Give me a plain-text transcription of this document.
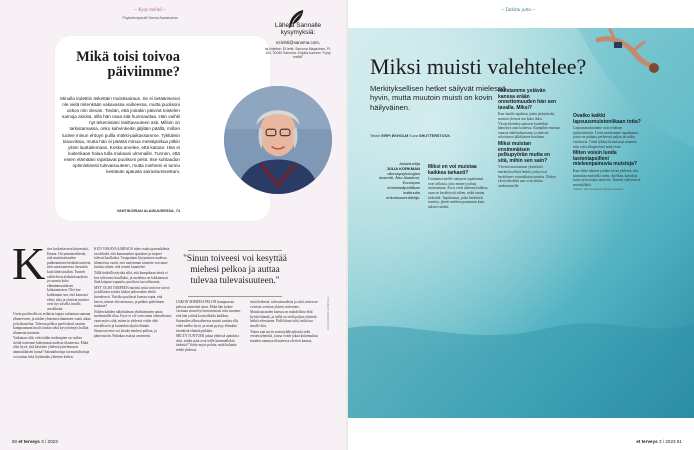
~ Kysy meiltä ~
Psykoterapeutti Sanna Aavaluoma
Mikä toisi toivoa päiviimme?
Minulla todettiin äskettäin muistisairaus. Se ei tietäänsenioi ole vielä mitenkään vakavassa vaiheessa, mutta puolisoni uskoo niin olevan. Tiedän, että joinakin päivinä toistelen samoja asioita, sillä hän osaa sitä huomauttaa. Hän vaihtii nyt tekemisiäni rasittavuuteen asti. Milloin on tarkistamassa, onko kahvinkeitin jäljitäin päällä, milloin tuolee minun ehtoyn pullla mökki-paikassamme. Tykkäisin taivuvissia, mutta hän ei päästä minua metsäpolkua pitkin yksin lauttailemaan. Koska arvelee, että katoan. Hän ei kuitenkaan halua tulla mukaani ulmmaille. Tunnen, että enten elämääni rajoittavat puolisoni pelot. Itse suhtaudun optimistisesti tulevaisuuteen, mutta miehemi ei tunnu kestävän ajatusta sairastumisestani.
VAHTIKOIRAN ALAISUUDESSA, 74
Lähetä Sannalle kysymyksiä:
et-lehti@sanoma.com,
tai kirjeitse: Et-lehti, Sanoma Magazines, PL 100, 00040 Sanoma. Kirjoita kuoreen "Kysy meiltä"
K itos koskettavasta kirjeestäsi, Emma. On ymmärrettävää, että muistisairauden puhkeaminen herättää tunteita niin sairastuneessa itsessään kuin läheisissäkin. Tunteet vaihtelevat alakuloisuudesta ja surusta koko elämänmuutoksen kohtaamiseen. Olet itse kohdannut sen, että kanssasi eletty aika ja yhteiset muistot ovat nyt toisella tavalla arvokkaita.

Usein puolisoilla on erilaisia tapoja suhtautua samaan tilanteeseen, ja niiden yhteensovittaminen vaatii aikaa ja keskustelua. Tulevaa pelkoa puolisoltasi saattaa kumpuamaan huoli sinusta sekä kyvyttömyys hallita tilannetta muutoin.

Vaikuttaa siltä, että teidän molempien on vaikea sietää toistenne kokemusta uudesta tilanteesta. Ehkä olisi hyvä, että kävisitte yhdessä juttelemassa ammattilaisen luona? Sairaanhoitaja tai muistihoitaja voi auttaa teitä löytämään yhteisen kielen.

KUN VAKAVA SAIRAUS tulee osaksi parisuhdetta, on tärkeää, että kummankin ajatukset ja tarpeet tulevat kuulluiksi. Tasapainon löytyminen uudessa tilanteessa vaatii, että molemmat tunnette voivanne luottaa siihen, että toinen kuuntelee.

Tällä hetkellä näyttää siltä, että kumpikaan teistä ei koe tulevansa kuulluksi, ja asetelma on lukkiutunut. Sinä kaipaat vapautta, puolisosi turvallisuutta.

MYT OLISI TARPEEN miettiä, mitä sinä itse toivot ja millaisia asioita haluat jatkossakin tehdä itsenäisesti. Voisiko puolisosi kanssa sopia, että kerrot, minne olet menossa, ja pidätte puhelimen mukana?

Niiden kahden näkökulman yhdistäminen antaa molemmille tilaa. Kyse ei ole vain sinun oikeudestasi, vaan myös siitä, miten te yhdessä voitte elää turvallisesti ja kuitenkin täyttä elämää.

Sinun toiveesi voi kestää miehesi pelkoa, ja päinvastoin. Puhukaa asiasta avoimesti.

"Sinun toiveesi voi kesyttää miehesi pelkoa ja auttaa tulevaa tulevaisuuteen."

USKON MIEHESI PELON kumpuavan pelosta menettää sinut. Ehkä hän kokee vastuuta sinun hyvinvoinnistasi niin suurena, että hän yrittää kontrolloida kaikkea.

Sairauden alkuvaiheessa muisti saattaa olla vielä melko hyvä, ja moni pystyy elämään itsenäistä elämää pitkään.

MILTÄ TUNTUISI jakaa yhdessä ajatuksia siitä, mitkä asiat ovat teille kummallekin tärkeitä? Voitte myös pohtia, mitä haluatte tehdä yhdessä.

tästä hetkestä, tulevaisuudesta ja siitä, miten ne voisivat sovittaa yhteen toiveenne.

Muistisairauden kanssa on mahdollista elää hyvää elämää, ja teillä on vielä paljon yhteisiä hetkiä edessänne. Pidä kiinni siitä, mikä tuo sinulle iloa.

Tukea saat myös muistiyhdistyksistä sekä vertaisryhmistä, joissa voitte jakaa kokemuksia muiden samassa tilanteessa olevien kanssa.

KUVA MIKKO HANNULA
60 et terveys 3 / 2023
~ Tutkittu juttu ~
Miksi muisti valehtelee?
Merkityksellisen hetket säilyvät mielessä hyvin, mutta muutoin muisti on kovin häilyväinen.
Teksti VIRPI EKHOLM Kuva SHUTTERSTOCK
Asiantuntija
JULIA KORKMAN
oikeuspsykologian dosentti, Åbo Akademi, Euroopan kriminaalipolitiikan instituutin erikoissuunnittelija.
Miksi en voi muistaa kaikkea tarkasti?

Useimmat meille sattuneet tapahtumat ovat sellaisia, joita emme jouduta muistamaan. Aivot eivät tallenna kaikkea, vaan ne keskittyvät siihen, mikä tuntuu tärkeältä. Tapahtumat, jotka herättävät tunteita, jäävät mieleen paremmin kuin arkiset rutiinit.

Muistamme ystävän kanssa erään onnettomuuden hän sen tavalla. Miksi?

Kun sinulle tapahtuu jotain järkyttävää, muistat yleensä sen koko ikäsi. Yksityiskohdat saattavat kuitenkin hämärtyä ajan kuluessa. Kumpikin muistaa omasta näkökulmastaan, ja muistot sekoittuvat jälkikäteen kuultuun.

Miksi muistan ensimmäisen pelkupyörän mutta en sitä, mihin sen sain?

Yleensä muistamme yksittäisiä merkityksellisiä hetkiä, jotka ovat herättäneet voimakkaita tunteita. Niiden yksityiskohdat taas ovat alttiita unohtumiselle.

Ovatko kaikki lapsuusmuistoniikaan totta?

Lapsuusmuistomme ovat eritäisen epäluotettavia. Usein muistamme tapahtumia, joista on puhuttu perheessä paljon tai nähty valokuvia. Tämä lykkäytti muistoja muuttuu niin, ettei alkuperäistä enää erota.

Miten voisin luoda lastenlapsilleni mieleenpainuvia muistoja?

Kun olette tehneet jotakin kivaa yhdessä, sitä kannattaa muistella usein. Jutelkaa, katsokaa kuvia ja kertokaa tarinoita. Tunteet vahvistavat muistijälkeä.

Lähteet: Julia Korkman; Muistin nyanssit.

et terveys 3 / 2023 61
